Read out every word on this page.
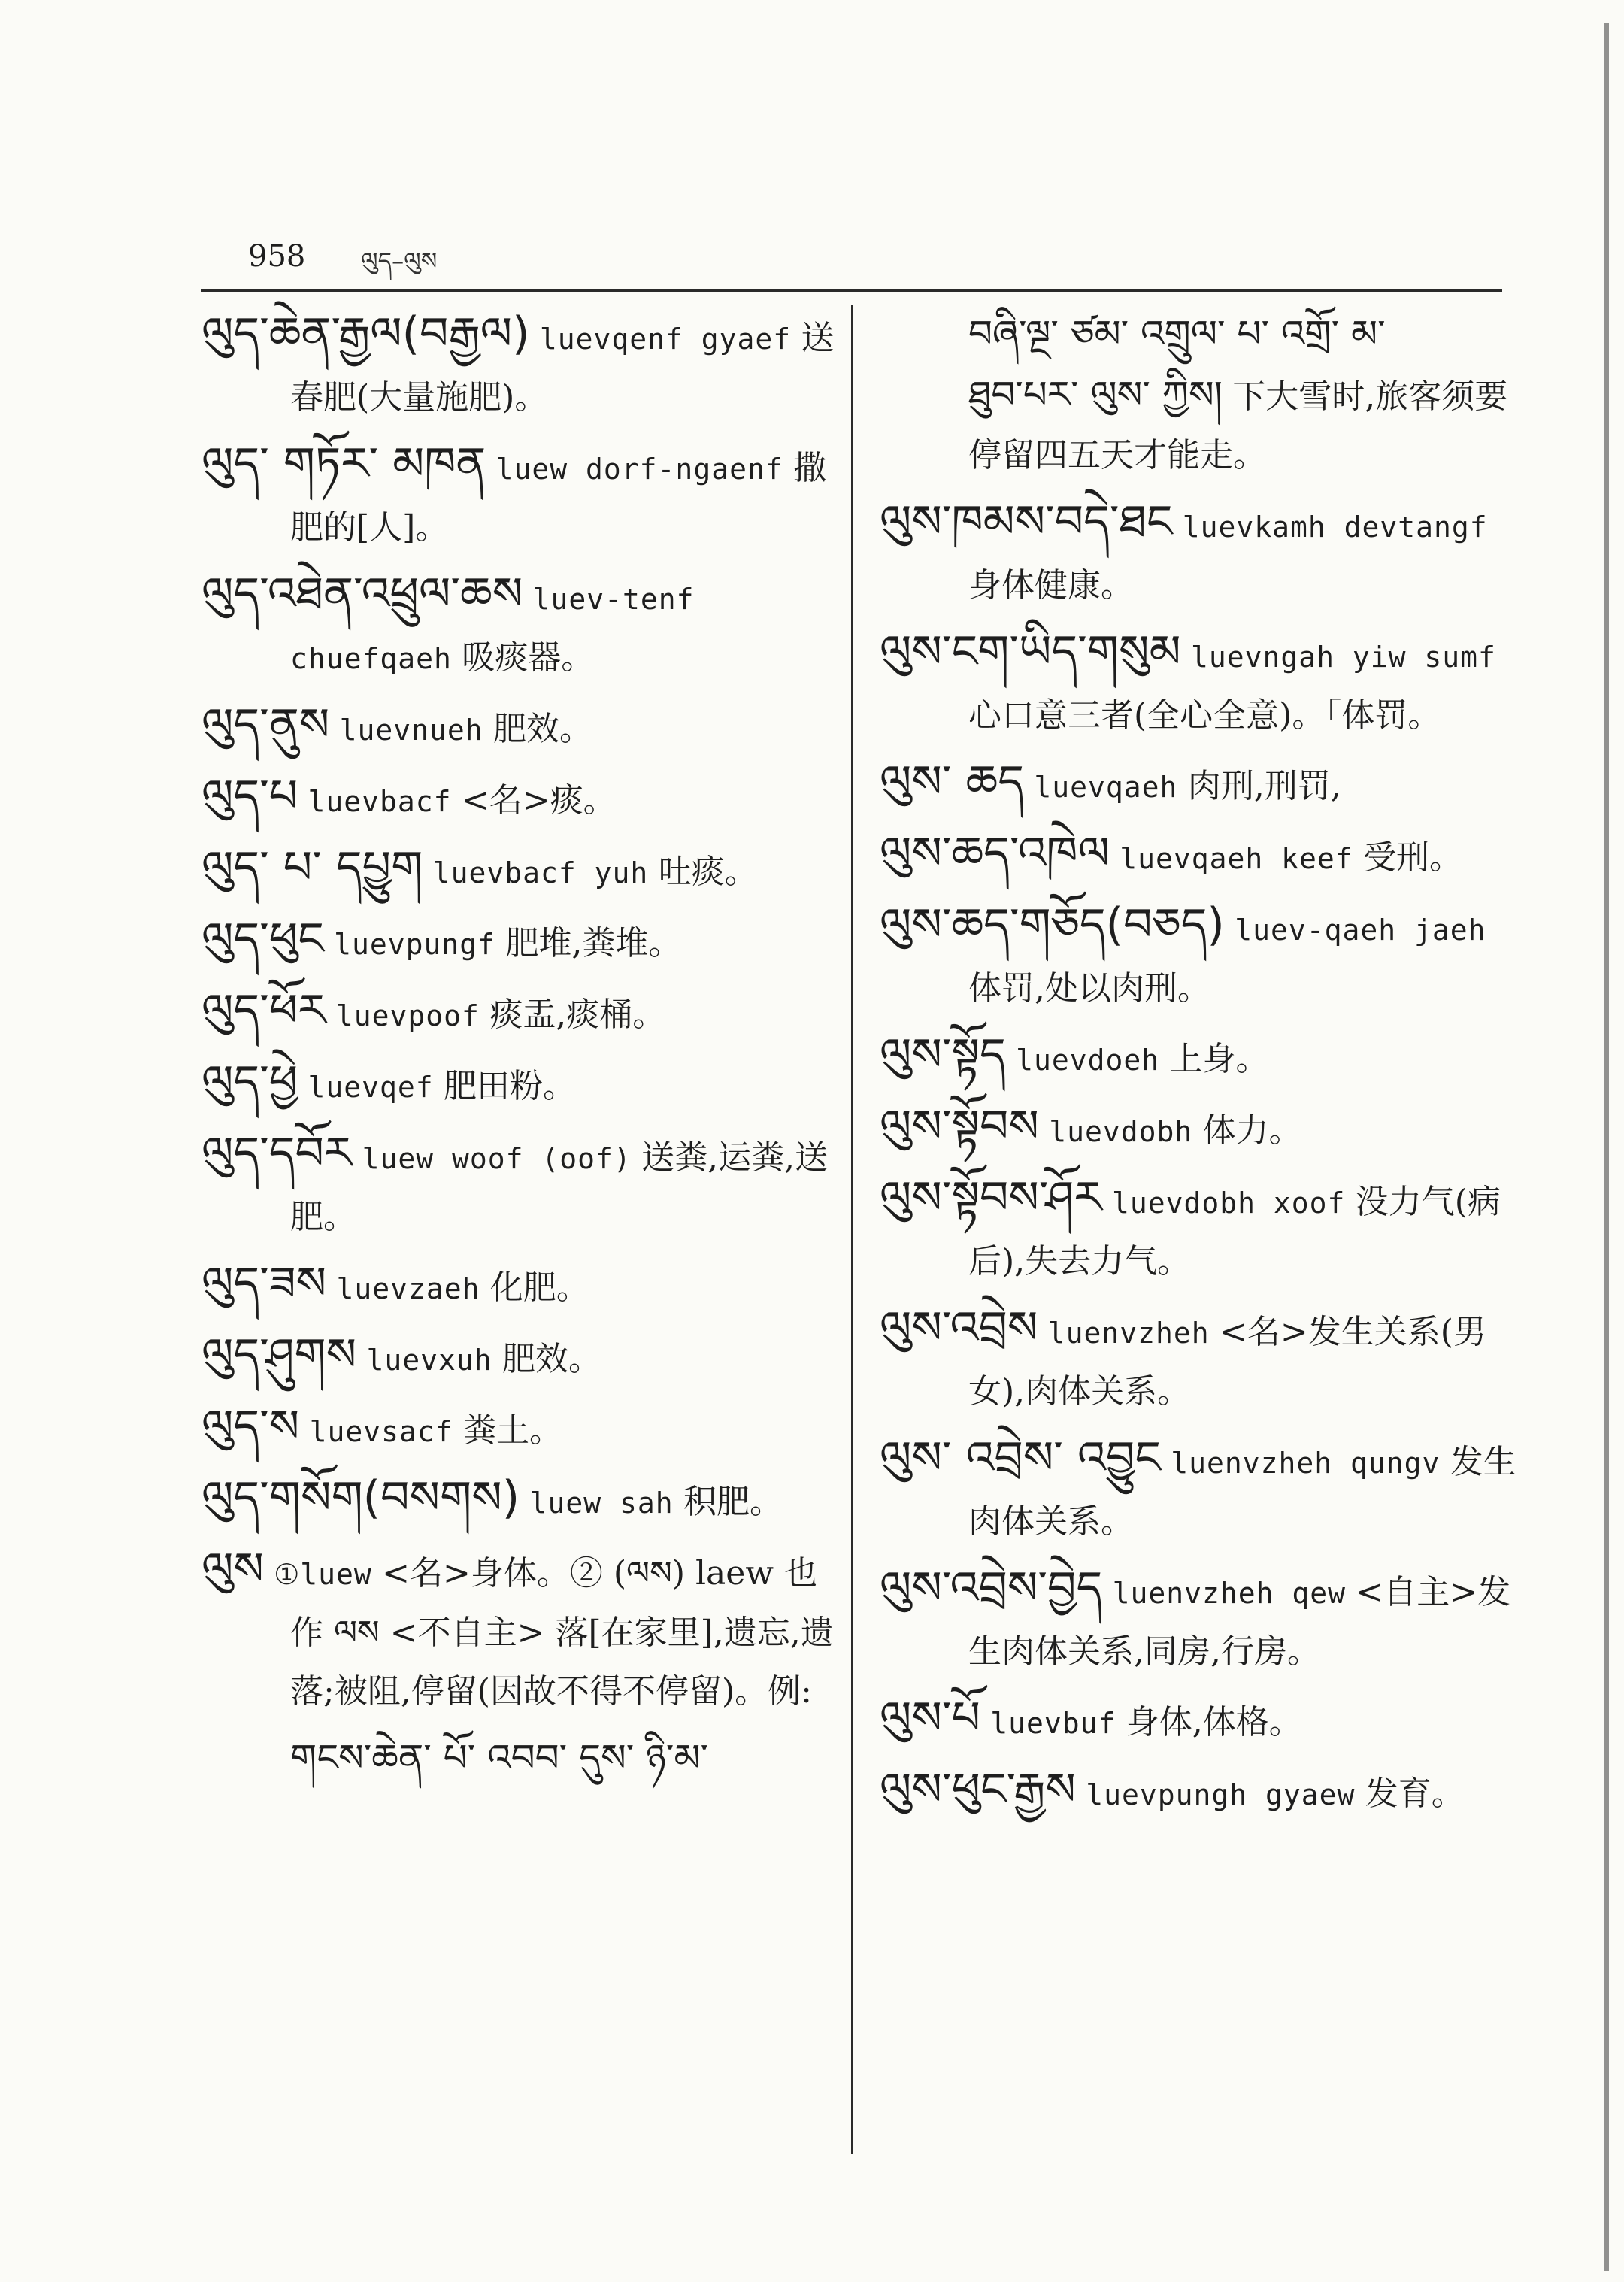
958 ལུད–ལུས
ལུད་ཆེན་རྒྱལ(བརྒྱལ) luevqenf gyaef 送春肥(大量施肥)。
ལུད་ གཏོར་ མཁན luew dorf-ngaenf 撒肥的[人]。
ལུད་འཐེན་འཕྲུལ་ཆས luev-tenf chuefqaeh 吸痰器。
ལུད་ནུས luevnueh 肥效。
ལུད་པ luevbacf <名>痰。
ལུད་ པ་ དཔྱུག luevbacf yuh 吐痰。
ལུད་ཕུང luevpungf 肥堆,粪堆。
ལུད་ཕོར luevpoof 痰盂,痰桶。
ལུད་ཕྱེ luevqef 肥田粉。
ལུད་དབོར luew woof (oof) 送粪,运粪,送肥。
ལུད་ཟས luevzaeh 化肥。
ལུད་ཤུགས luevxuh 肥效。
ལུད་ས luevsacf 粪土。
ལུད་གསོག(བསགས) luew sah 积肥。
ལུས ①luew <名>身体。② (ལས) laew 也作 ལས <不自主> 落[在家里],遗忘,遗落;被阻,停留(因故不得不停留)。例:
གངས་ཆེན་ པོ་ འབབ་ དུས་ ཉི་མ་
བཞི་ལྔ་ ཙམ་ འགྲུལ་ པ་ འགྲོ་ མ་
ཐུབ་པར་ ལུས་ ཀྱིས། 下大雪时,旅客须要停留四五天才能走。
ལུས་ཁམས་བདེ་ཐང luevkamh devtangf 身体健康。
ལུས་ངག་ཡིད་གསུམ luevngah yiw sumf 心口意三者(全心全意)。「体罚。
ལུས་ ཆད luevqaeh 肉刑,刑罚,
ལུས་ཆད་འཁེལ luevqaeh keef 受刑。
ལུས་ཆད་གཅོད(བཅད) luev-qaeh jaeh 体罚,处以肉刑。
ལུས་སྟོད luevdoeh 上身。
ལུས་སྟོབས luevdobh 体力。
ལུས་སྟོབས་ཤོར luevdobh xoof 没力气(病后),失去力气。
ལུས་འབྲེས luenvzheh <名>发生关系(男女),肉体关系。
ལུས་ འབྲེས་ འབྱུང luenvzheh qungv 发生肉体关系。
ལུས་འབྲེས་བྱེད luenvzheh qew <自主>发生肉体关系,同房,行房。
ལུས་པོ luevbuf 身体,体格。
ལུས་ཕུང་རྒྱས luevpungh gyaew 发育。
